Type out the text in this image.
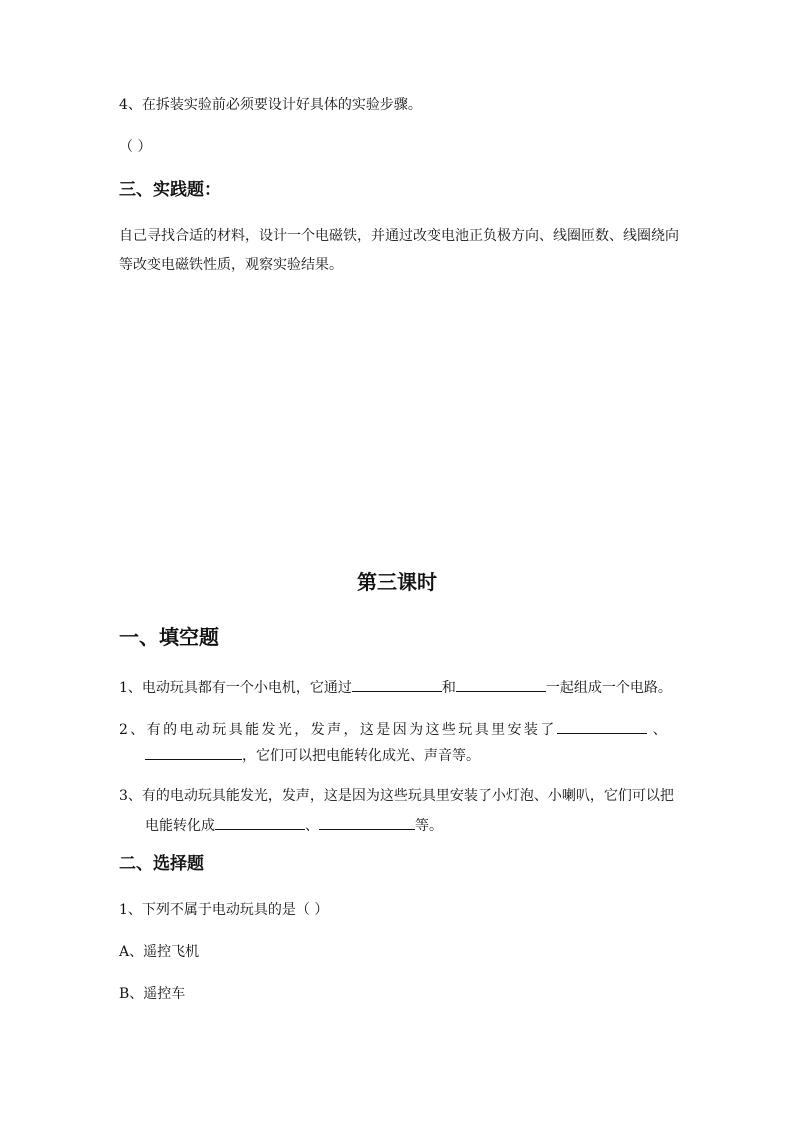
4、在拆装实验前必须要设计好具体的实验步骤。
（ ）
三、实践题：
自己寻找合适的材料，设计一个电磁铁，并通过改变电池正负极方向、线圈匝数、线圈绕向
等改变电磁铁性质，观察实验结果。
第三课时
一、填空题
1、电动玩具都有一个小电机，它通过	和	一起组成一个电路。
2、有的电动玩具能发光，发声，这是因为这些玩具里安装了	、
，它们可以把电能转化成光、声音等。
3、有的电动玩具能发光，发声，这是因为这些玩具里安装了小灯泡、小喇叭，它们可以把
电能转化成	、	等。
二、选择题
1、下列不属于电动玩具的是（ ）
A、遥控飞机
B、遥控车
